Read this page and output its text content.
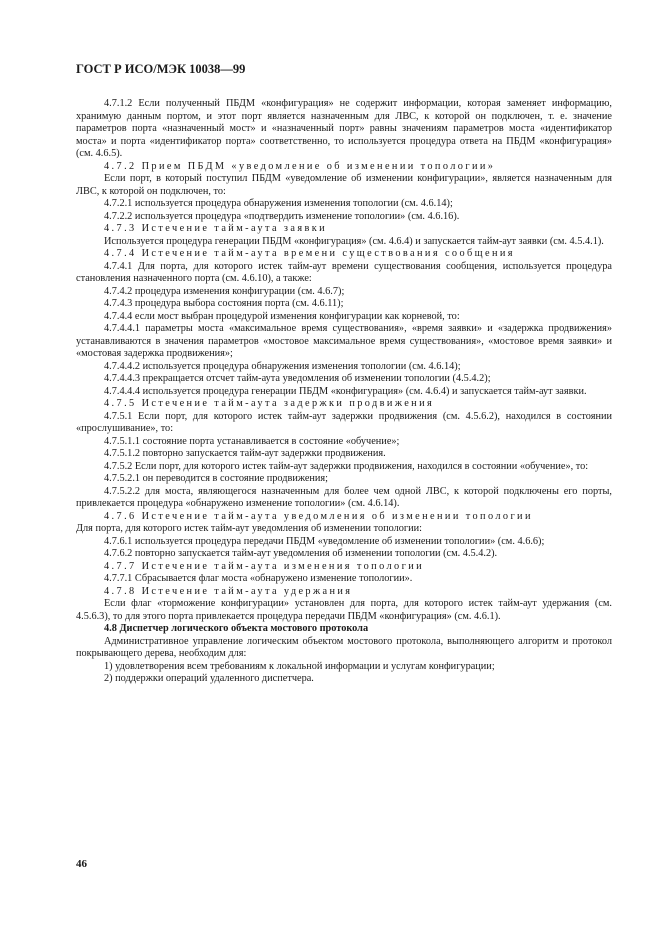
ГОСТ Р ИСО/МЭК 10038—99

4.7.1.2 Если полученный ПБДМ «конфигурация» не содержит информации, которая заменяет информацию, хранимую данным портом, и этот порт является назначенным для ЛВС, к которой он подключен, т. е. значение параметров порта «назначенный мост» и «назначенный порт» равны значениям параметров моста «идентификатор моста» и порта «идентификатор порта» соответственно, то используется процедура ответа на ПБДМ «конфигурация» (см. 4.6.5).

4.7.2 Прием ПБДМ «уведомление об изменении топологии»

Если порт, в который поступил ПБДМ «уведомление об изменении конфигурации», является назначенным для ЛВС, к которой он подключен, то:

4.7.2.1 используется процедура обнаружения изменения топологии (см. 4.6.14);

4.7.2.2 используется процедура «подтвердить изменение топологии» (см. 4.6.16).

4.7.3 Истечение тайм-аута заявки

Используется процедура генерации ПБДМ «конфигурация» (см. 4.6.4) и запускается тайм-аут заявки (см. 4.5.4.1).

4.7.4 Истечение тайм-аута времени существования сообщения

4.7.4.1 Для порта, для которого истек тайм-аут времени существования сообщения, используется процедура становления назначенного порта (см. 4.6.10), а также:

4.7.4.2 процедура изменения конфигурации (см. 4.6.7);

4.7.4.3 процедура выбора состояния порта (см. 4.6.11);

4.7.4.4 если мост выбран процедурой изменения конфигурации как корневой, то:

4.7.4.4.1 параметры моста «максимальное время существования», «время заявки» и «задержка продвижения» устанавливаются в значения параметров «мостовое максимальное время существования», «мостовое время заявки» и «мостовая задержка продвижения»;

4.7.4.4.2 используется процедура обнаружения изменения топологии (см. 4.6.14);

4.7.4.4.3 прекращается отсчет тайм-аута уведомления об изменении топологии (4.5.4.2);

4.7.4.4.4 используется процедура генерации ПБДМ «конфигурация» (см. 4.6.4) и запускается тайм-аут заявки.

4.7.5 Истечение тайм-аута задержки продвижения

4.7.5.1 Если порт, для которого истек тайм-аут задержки продвижения (см. 4.5.6.2), находился в состоянии «прослушивание», то:

4.7.5.1.1 состояние порта устанавливается в состояние «обучение»;

4.7.5.1.2 повторно запускается тайм-аут задержки продвижения.

4.7.5.2 Если порт, для которого истек тайм-аут задержки продвижения, находился в состоянии «обучение», то:

4.7.5.2.1 он переводится в состояние продвижения;

4.7.5.2.2 для моста, являющегося назначенным для более чем одной ЛВС, к которой подключены его порты, привлекается процедура «обнаружено изменение топологии» (см. 4.6.14).

4.7.6 Истечение тайм-аута уведомления об изменении топологии

Для порта, для которого истек тайм-аут уведомления об изменении топологии:

4.7.6.1 используется процедура передачи ПБДМ «уведомление об изменении топологии» (см. 4.6.6);

4.7.6.2 повторно запускается тайм-аут уведомления об изменении топологии (см. 4.5.4.2).

4.7.7 Истечение тайм-аута изменения топологии

4.7.7.1 Сбрасывается флаг моста «обнаружено изменение топологии».

4.7.8 Истечение тайм-аута удержания

Если флаг «торможение конфигурации» установлен для порта, для которого истек тайм-аут удержания (см. 4.5.6.3), то для этого порта привлекается процедура передачи ПБДМ «конфигурация» (см. 4.6.1).

4.8 Диспетчер логического объекта мостового протокола

Административное управление логическим объектом мостового протокола, выполняющего алгоритм и протокол покрывающего дерева, необходим для:

1) удовлетворения всем требованиям к локальной информации и услугам конфигурации;

2) поддержки операций удаленного диспетчера.

46
